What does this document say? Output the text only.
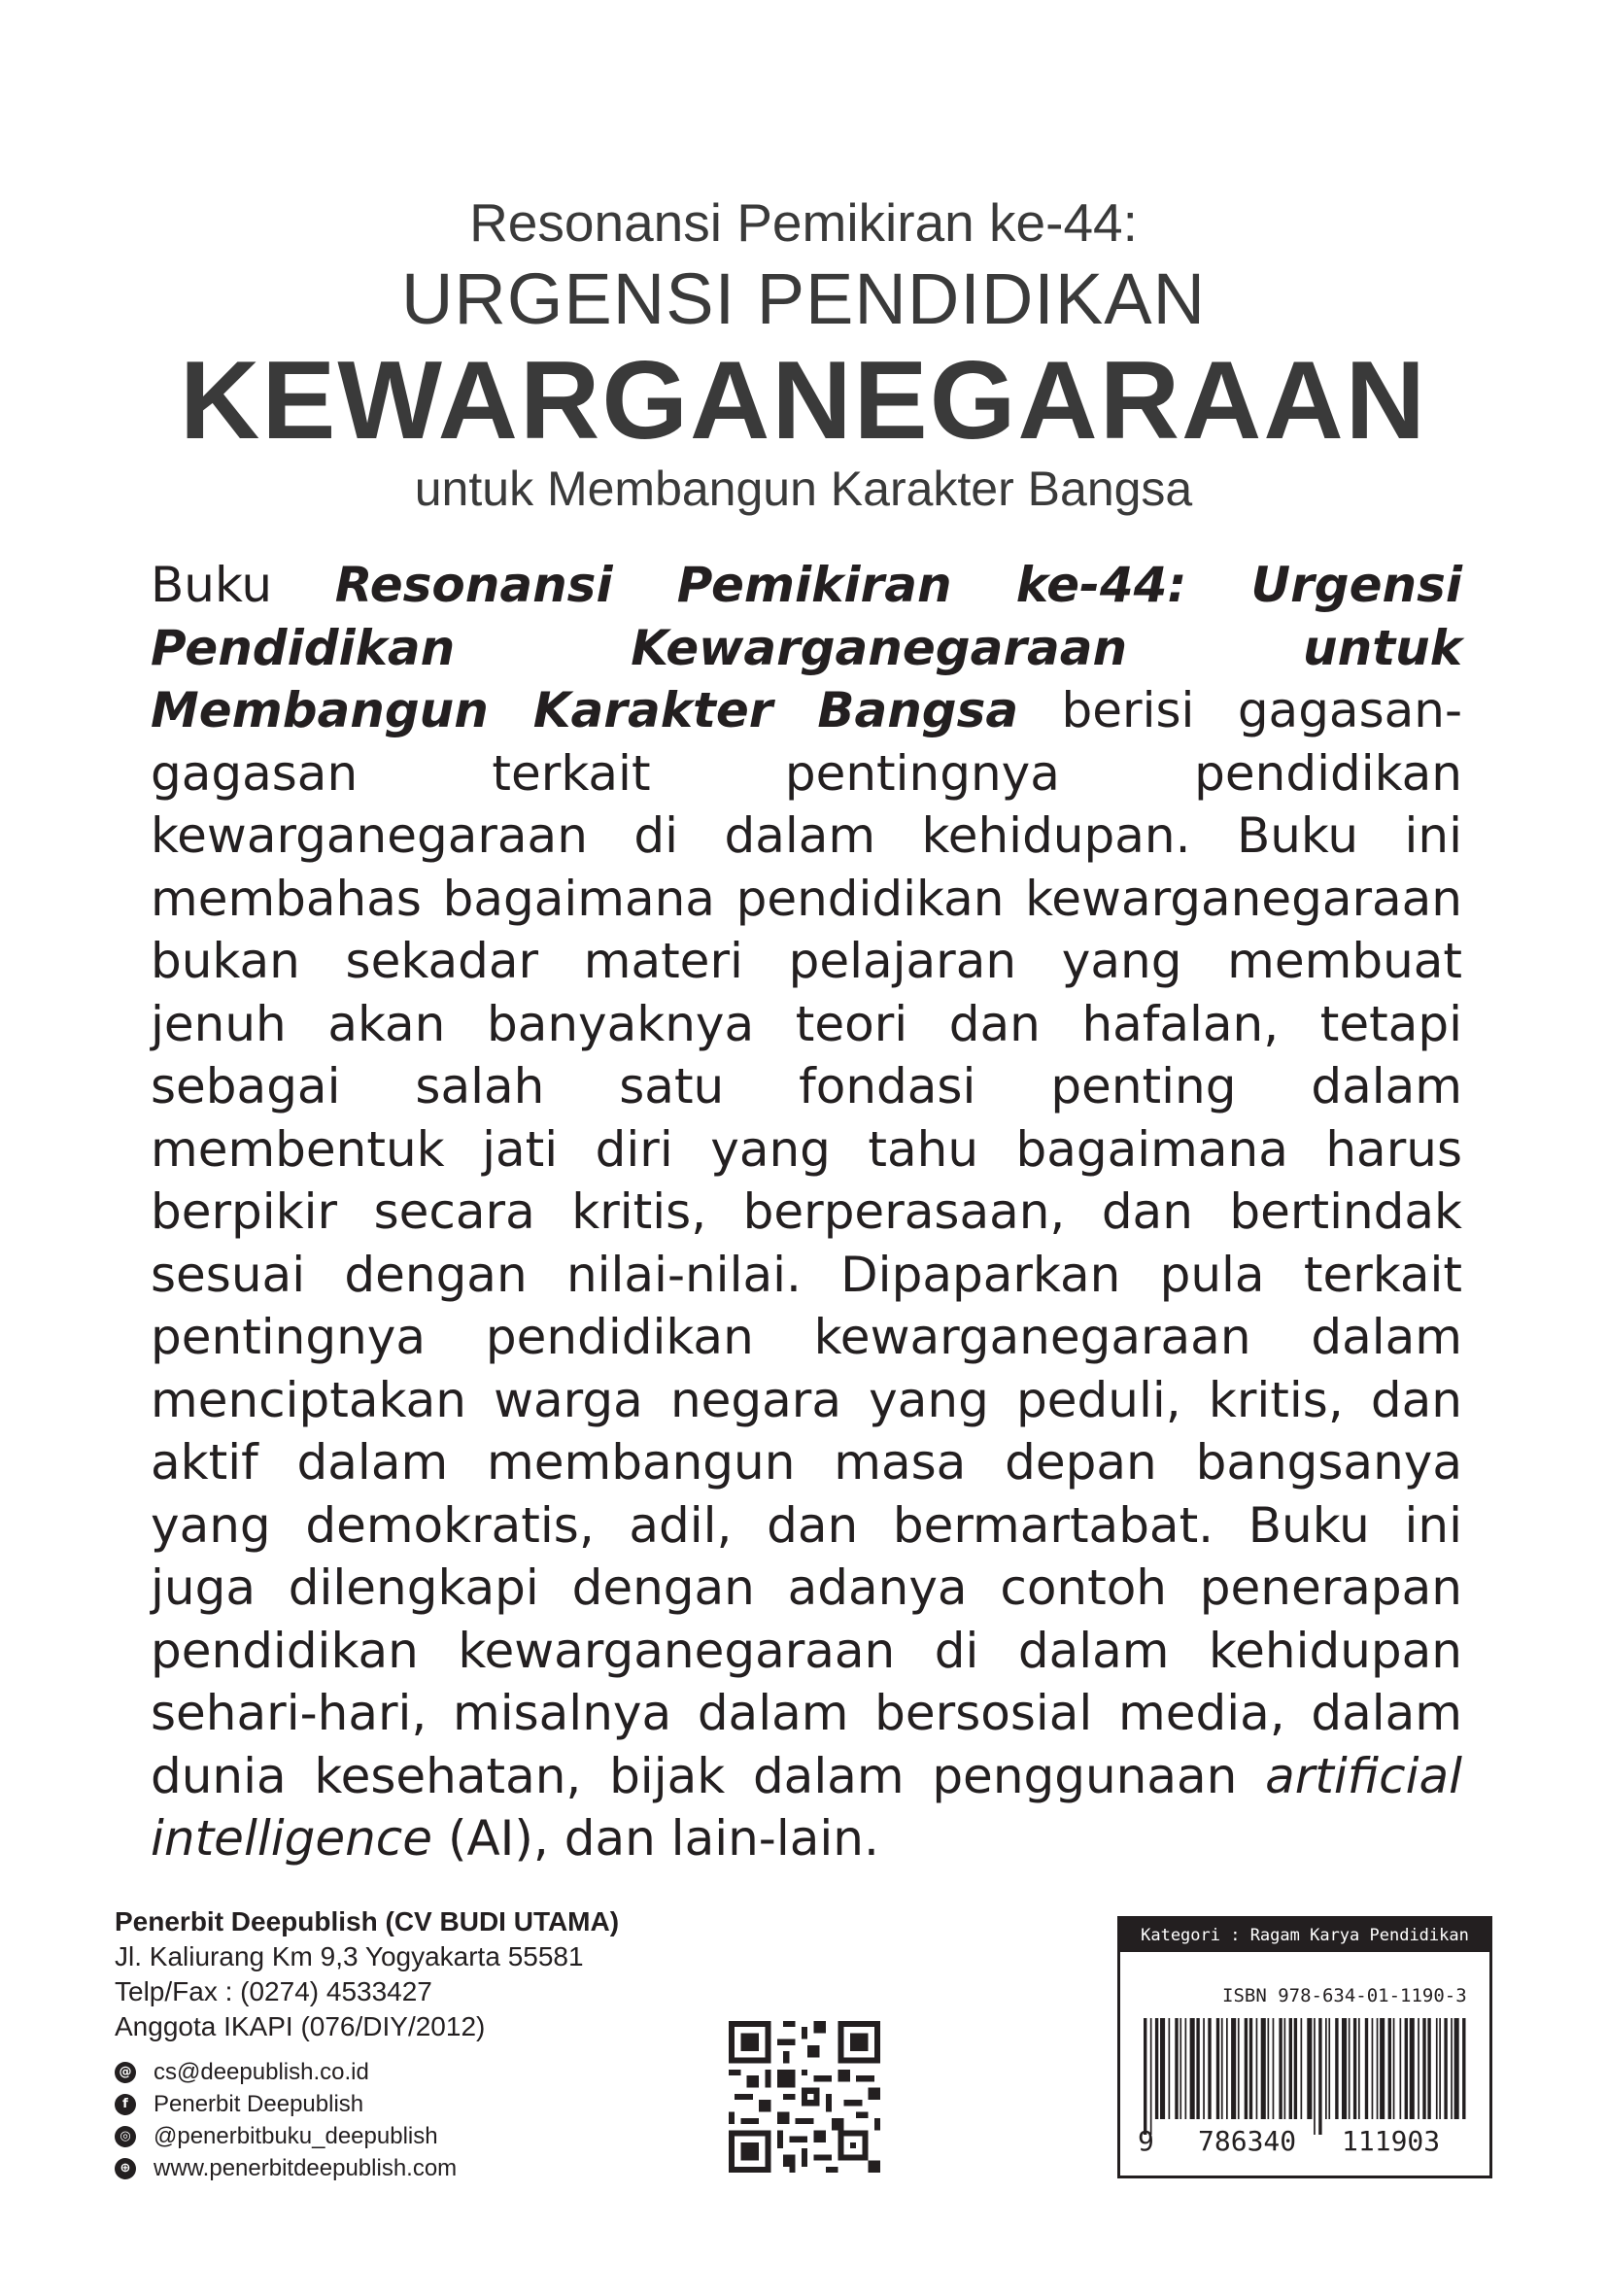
Resonansi Pemikiran ke-44:

URGENSI PENDIDIKAN

KEWARGANEGARAAN

untuk Membangun Karakter Bangsa

Buku Resonansi Pemikiran ke-44: Urgensi Pendidikan Kewarganegaraan untuk Membangun Karakter Bangsa berisi gagasan-gagasan terkait pentingnya pendidikan kewarganegaraan di dalam kehidupan. Buku ini membahas bagaimana pendidikan kewarganegaraan bukan sekadar materi pelajaran yang membuat jenuh akan banyaknya teori dan hafalan, tetapi sebagai salah satu fondasi penting dalam membentuk jati diri yang tahu bagaimana harus berpikir secara kritis, berperasaan, dan bertindak sesuai dengan nilai-nilai. Dipaparkan pula terkait pentingnya pendidikan kewarganegaraan dalam menciptakan warga negara yang peduli, kritis, dan aktif dalam membangun masa depan bangsanya yang demokratis, adil, dan bermartabat. Buku ini juga dilengkapi dengan adanya contoh penerapan pendidikan kewarganegaraan di dalam kehidupan sehari-hari, misalnya dalam bersosial media, dalam dunia kesehatan, bijak dalam penggunaan artificial intelligence (AI), dan lain-lain.

Penerbit Deepublish (CV BUDI UTAMA)
Jl. Kaliurang Km 9,3 Yogyakarta 55581
Telp/Fax : (0274) 4533427
Anggota IKAPI (076/DIY/2012)
@ cs@deepublish.co.id
f	Penerbit Deepublish
◎ @penerbitbuku_deepublish
⊕ www.penerbitdeepublish.com
Kategori : Ragam Karya Pendidikan
ISBN 978-634-01-1190-3
9 786340 111903
